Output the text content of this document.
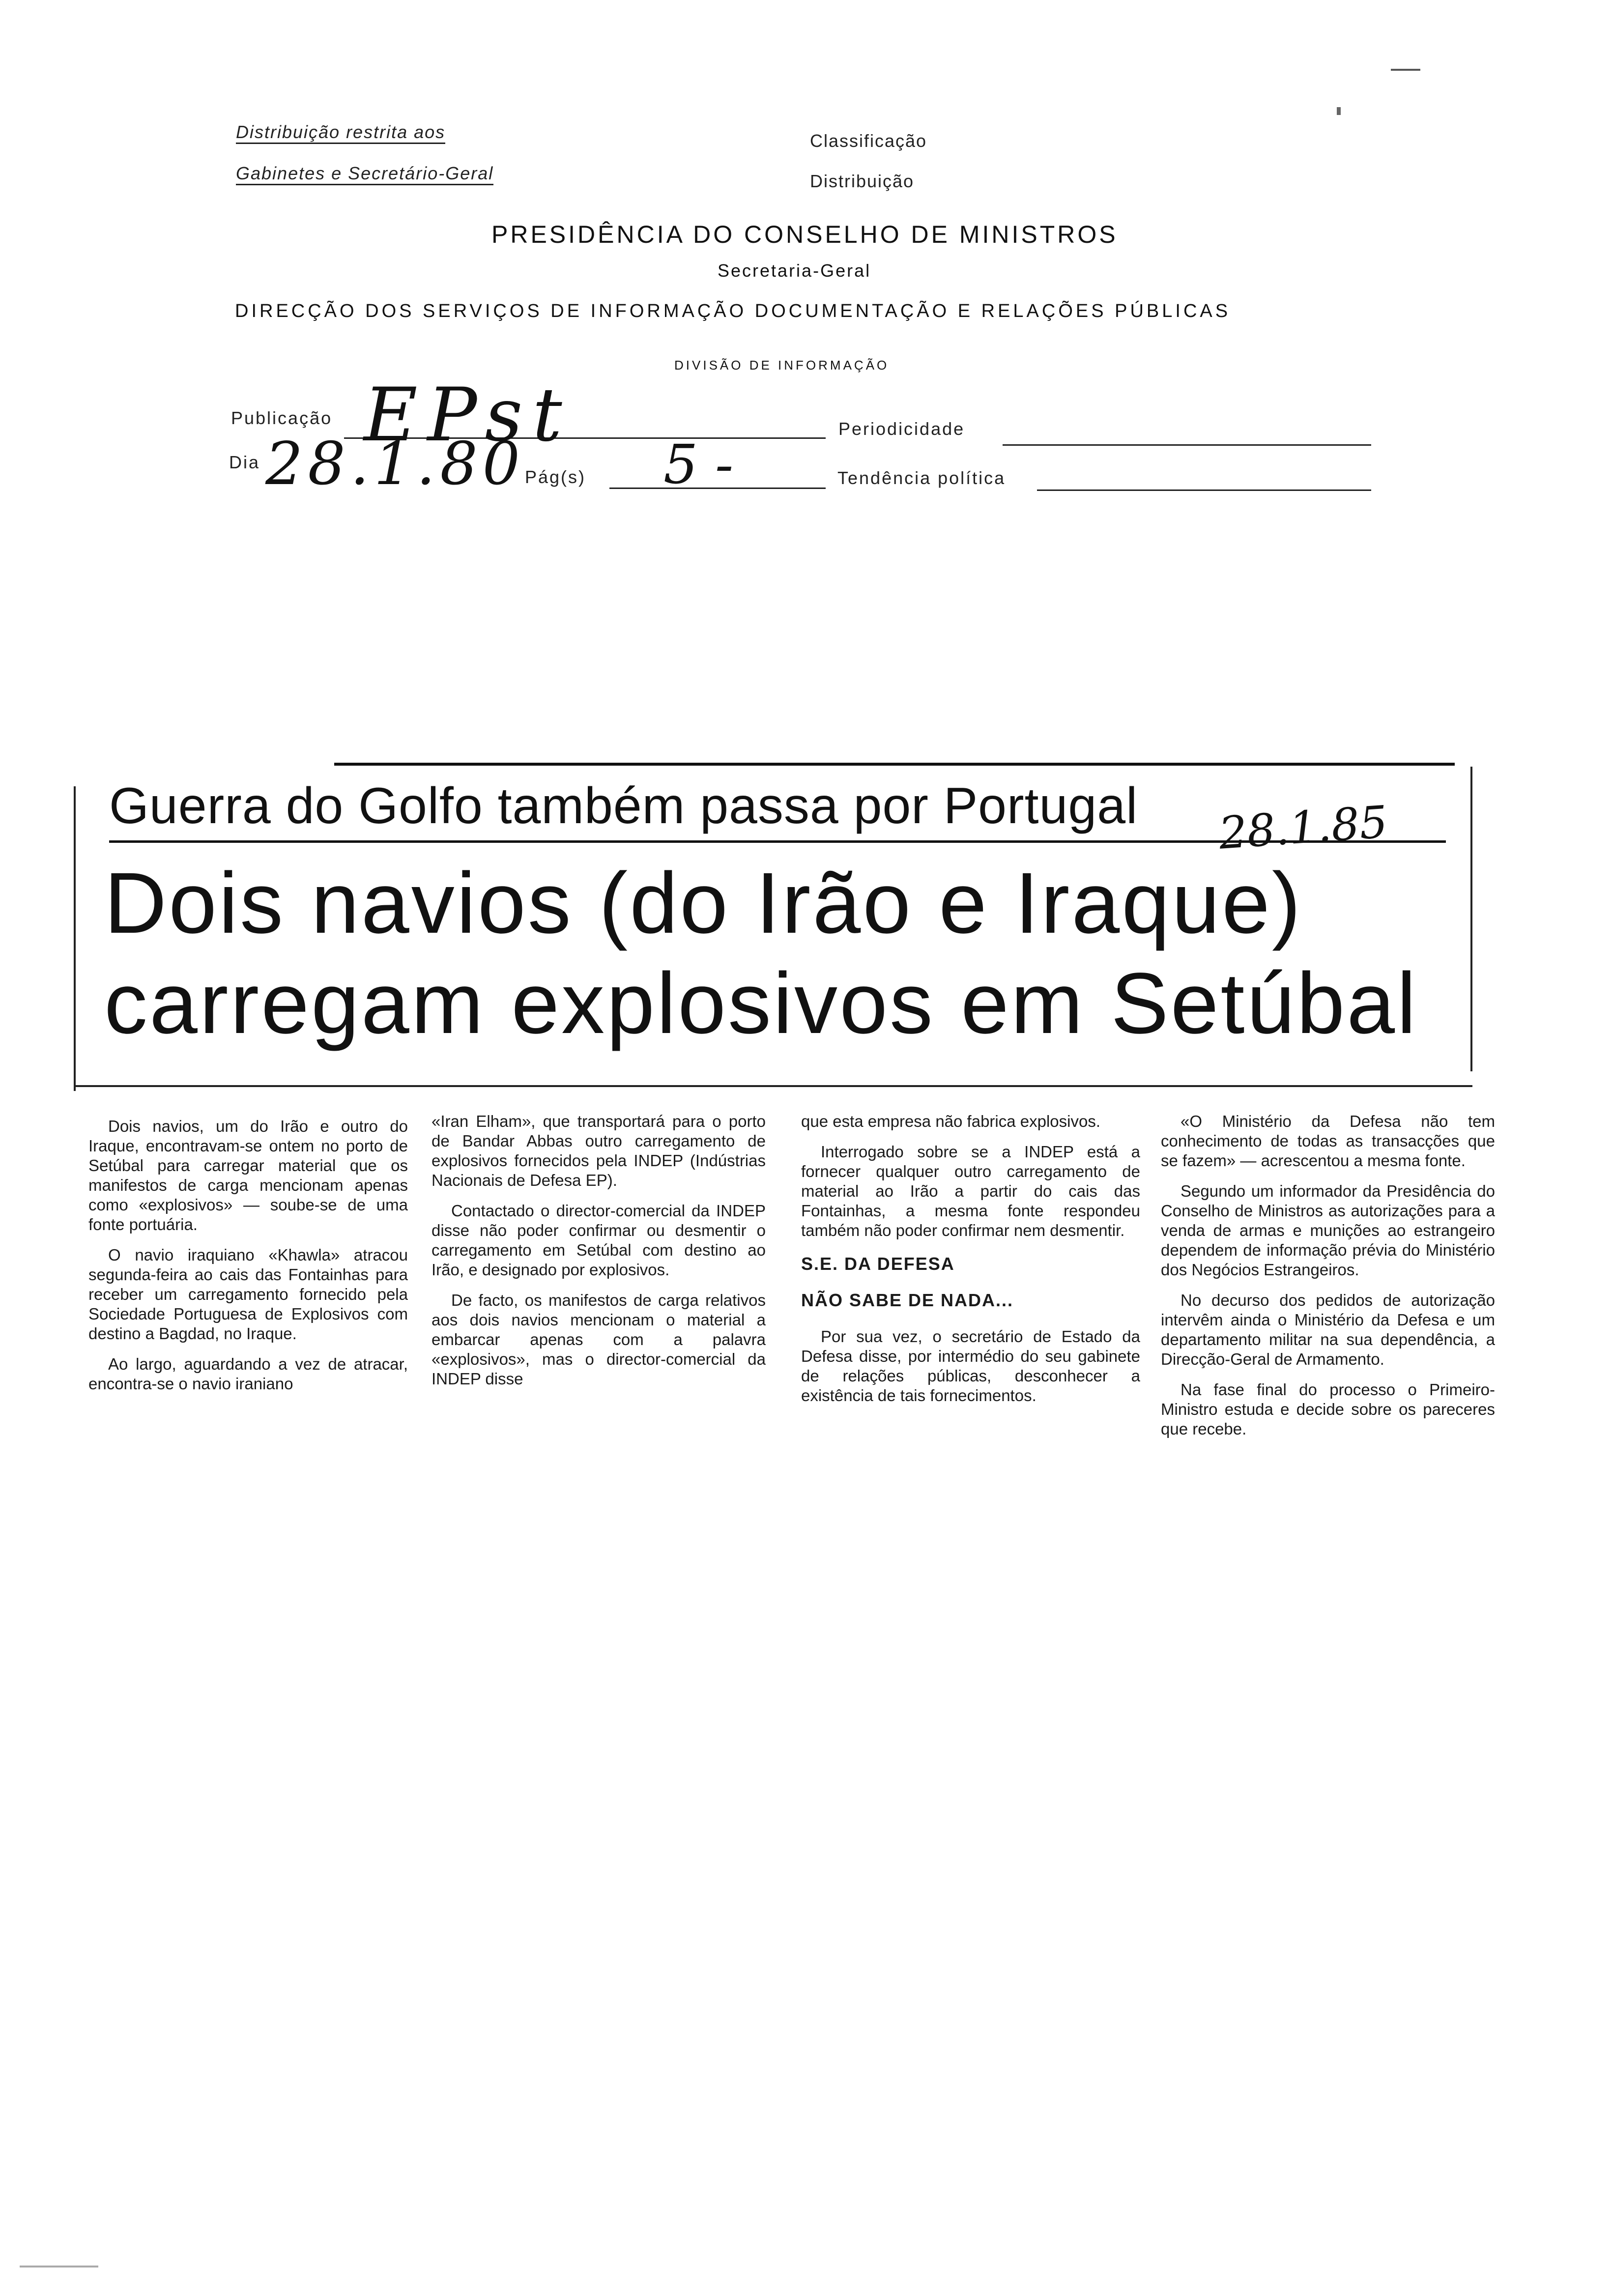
Distribuição restrita aos
Gabinetes e Secretário-Geral
Classificação
Distribuição
PRESIDÊNCIA DO CONSELHO DE MINISTROS
Secretaria-Geral
DIRECÇÃO DOS SERVIÇOS DE INFORMAÇÃO DOCUMENTAÇÃO E RELAÇÕES PÚBLICAS
DIVISÃO DE INFORMAÇÃO
Publicação EPst	Periodicidade
Dia 28.1.80 Pág(s) 5 -	Tendência política
Guerra do Golfo também passa por Portugal 28.1.85
Dois navios (do Irão e Iraque)
carregam explosivos em Setúbal

Dois navios, um do Irão e outro do Iraque, encontravam-se ontem no porto de Setúbal para carregar material que os manifestos de carga mencionam apenas como «explosivos» — soube-se de uma fonte portuária.

O navio iraquiano «Khawla» atracou segunda-feira ao cais das Fontainhas para receber um carregamento fornecido pela Sociedade Portuguesa de Explosivos com destino a Bagdad, no Iraque.

Ao largo, aguardando a vez de atracar, encontra-se o navio iraniano

«Iran Elham», que transportará para o porto de Bandar Abbas outro carregamento de explosivos fornecidos pela INDEP (Indústrias Nacionais de Defesa EP).

Contactado o director-comercial da INDEP disse não poder confirmar ou desmentir o carregamento em Setúbal com destino ao Irão, e designado por explosivos.

De facto, os manifestos de carga relativos aos dois navios mencionam o material a embarcar apenas com a palavra «explosivos», mas o director-comercial da INDEP disse

que esta empresa não fabrica explosivos.

Interrogado sobre se a INDEP está a fornecer qualquer outro carregamento de material ao Irão a partir do cais das Fontainhas, a mesma fonte respondeu também não poder confirmar nem desmentir.

S.E. DA DEFESA
NÃO SABE DE NADA...

Por sua vez, o secretário de Estado da Defesa disse, por intermédio do seu gabinete de relações públicas, desconhecer a existência de tais fornecimentos.

«O Ministério da Defesa não tem conhecimento de todas as transacções que se fazem» — acrescentou a mesma fonte.

Segundo um informador da Presidência do Conselho de Ministros as autorizações para a venda de armas e munições ao estrangeiro dependem de informação prévia do Ministério dos Negócios Estrangeiros.

No decurso dos pedidos de autorização intervêm ainda o Ministério da Defesa e um departamento militar na sua dependência, a Direcção-Geral de Armamento.

Na fase final do processo o Primeiro-Ministro estuda e decide sobre os pareceres que recebe.
